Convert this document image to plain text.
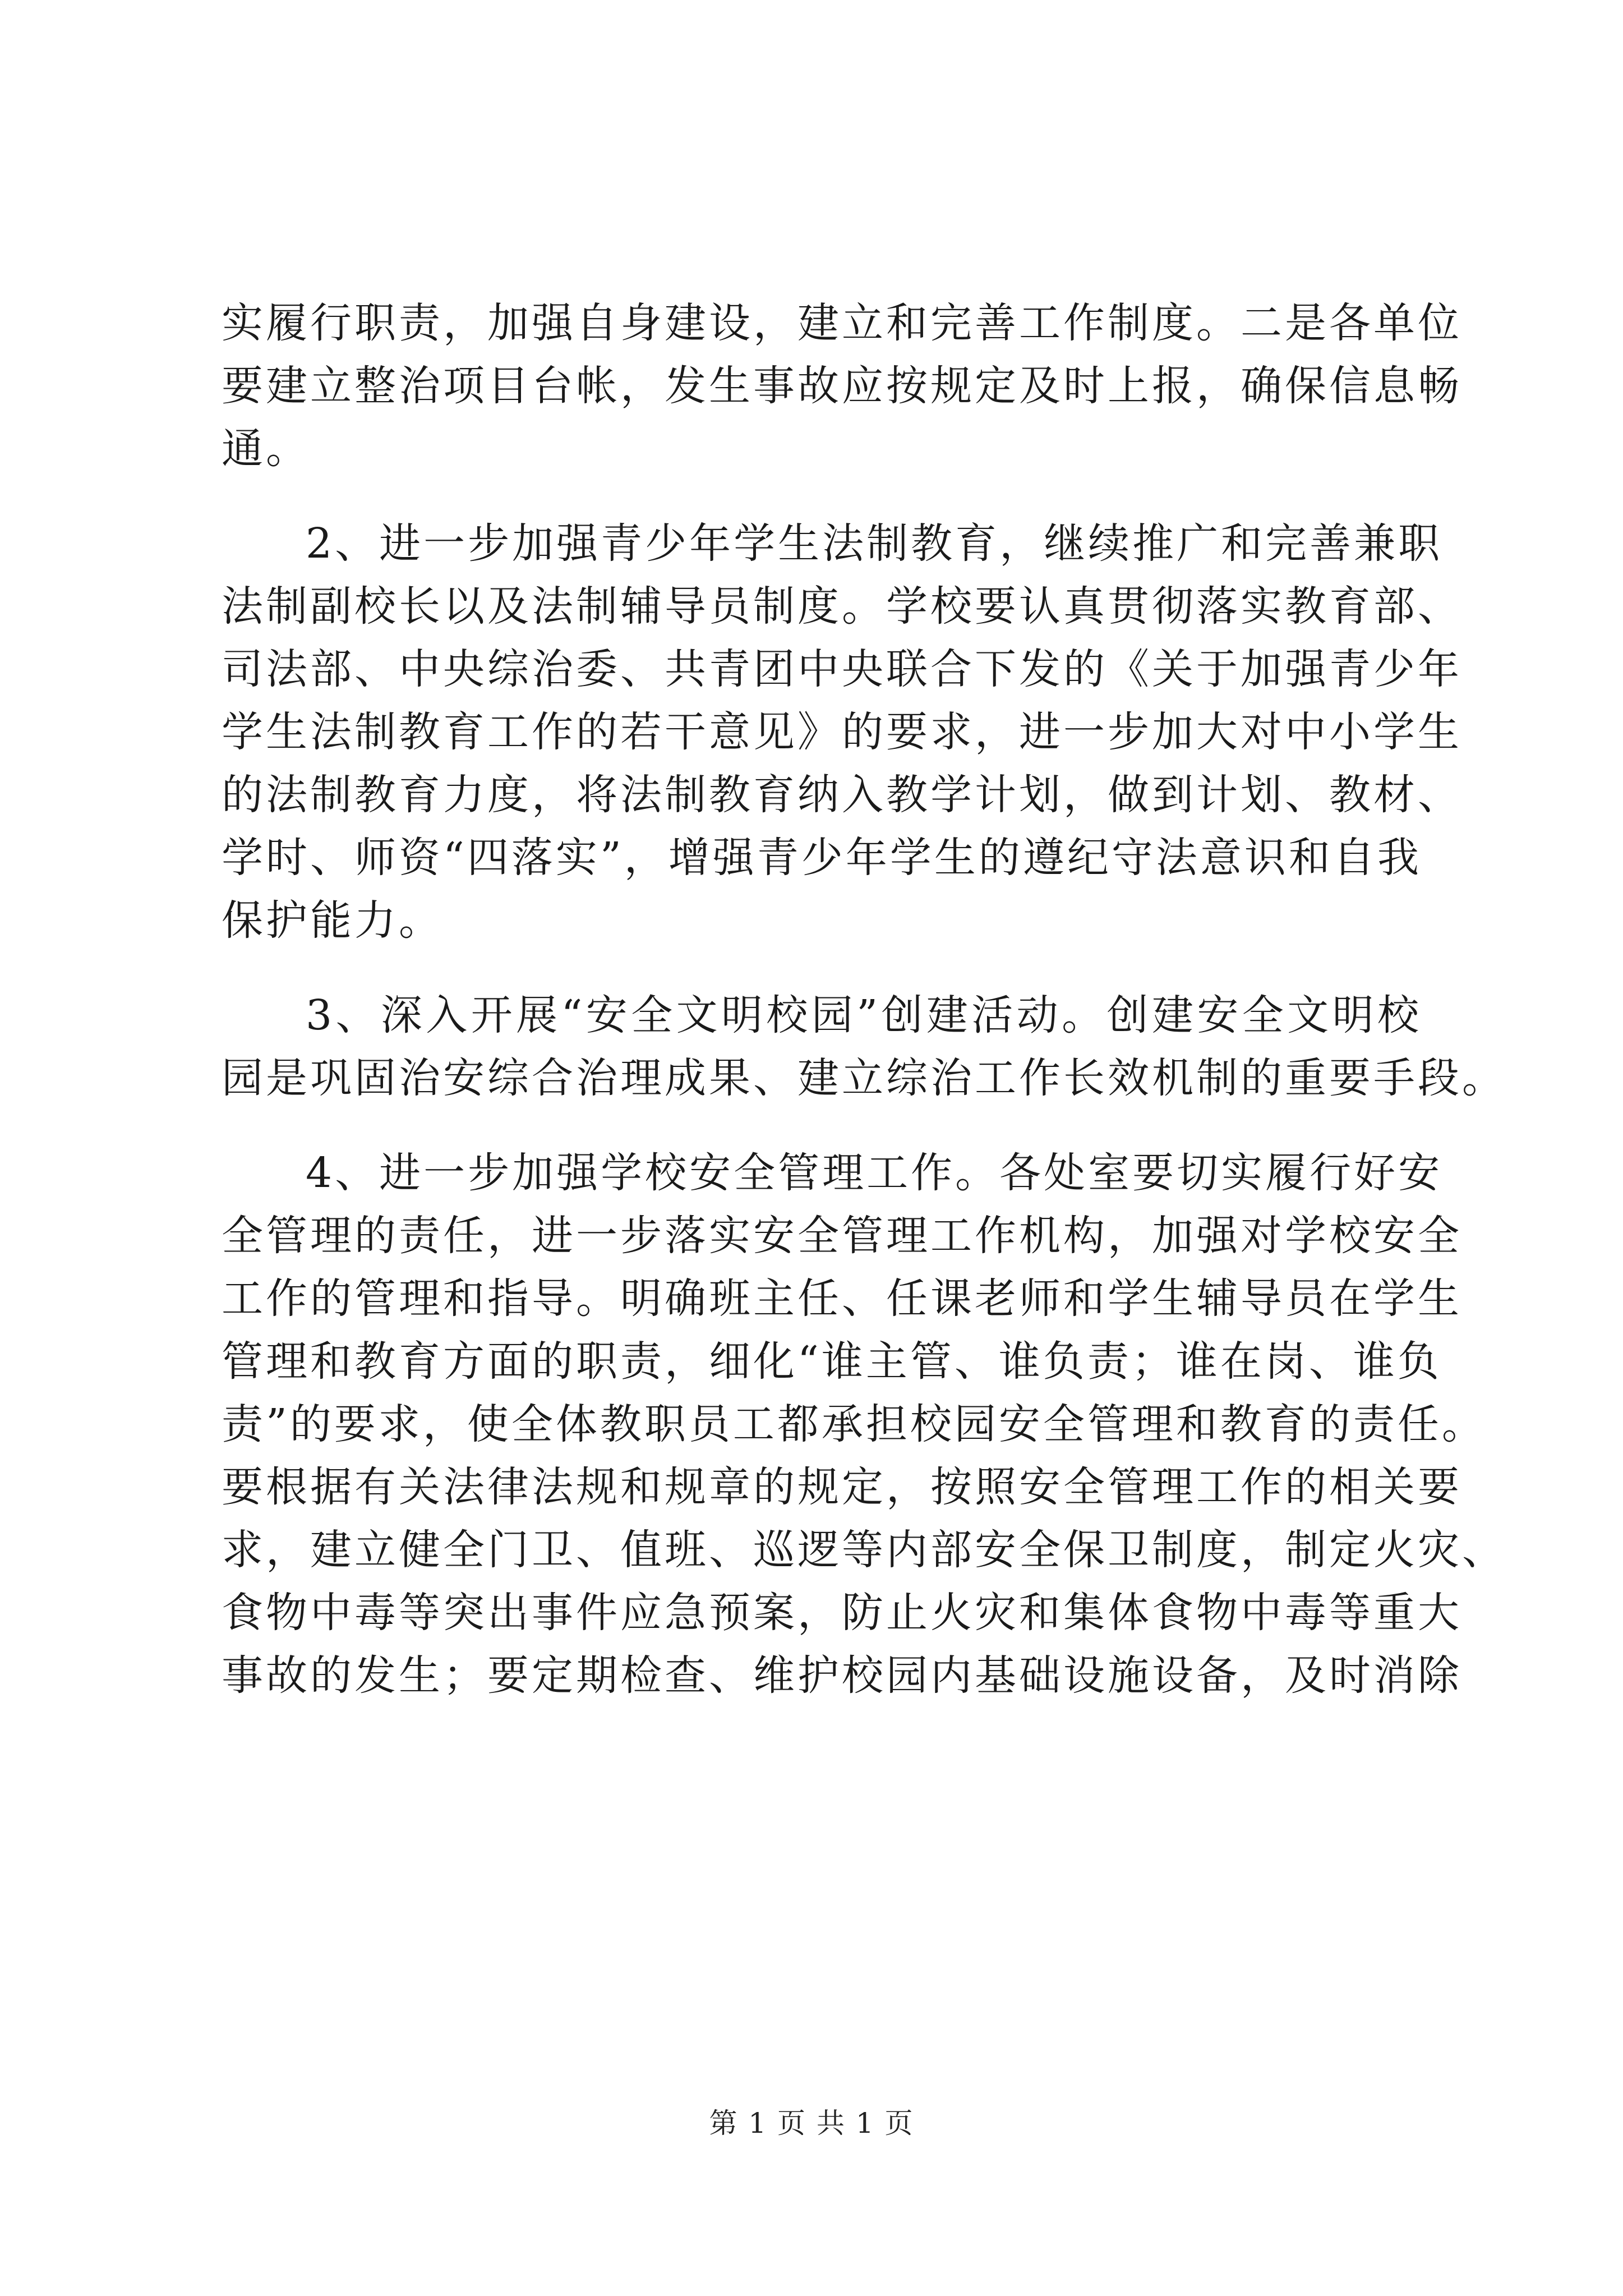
实履行职责，加强自身建设，建立和完善工作制度。二是各单位
要建立整治项目台帐，发生事故应按规定及时上报，确保信息畅
通。
2、进一步加强青少年学生法制教育，继续推广和完善兼职
法制副校长以及法制辅导员制度。学校要认真贯彻落实教育部、
司法部、中央综治委、共青团中央联合下发的《关于加强青少年
学生法制教育工作的若干意见》的要求，进一步加大对中小学生
的法制教育力度，将法制教育纳入教学计划，做到计划、教材、
学时、师资“四落实”，增强青少年学生的遵纪守法意识和自我
保护能力。
3、深入开展“安全文明校园”创建活动。创建安全文明校
园是巩固治安综合治理成果、建立综治工作长效机制的重要手段。
4、进一步加强学校安全管理工作。各处室要切实履行好安
全管理的责任，进一步落实安全管理工作机构，加强对学校安全
工作的管理和指导。明确班主任、任课老师和学生辅导员在学生
管理和教育方面的职责，细化“谁主管、谁负责；谁在岗、谁负
责”的要求，使全体教职员工都承担校园安全管理和教育的责任。
要根据有关法律法规和规章的规定，按照安全管理工作的相关要
求，建立健全门卫、值班、巡逻等内部安全保卫制度，制定火灾、
食物中毒等突出事件应急预案，防止火灾和集体食物中毒等重大
事故的发生；要定期检查、维护校园内基础设施设备，及时消除
第 1 页 共 1 页
